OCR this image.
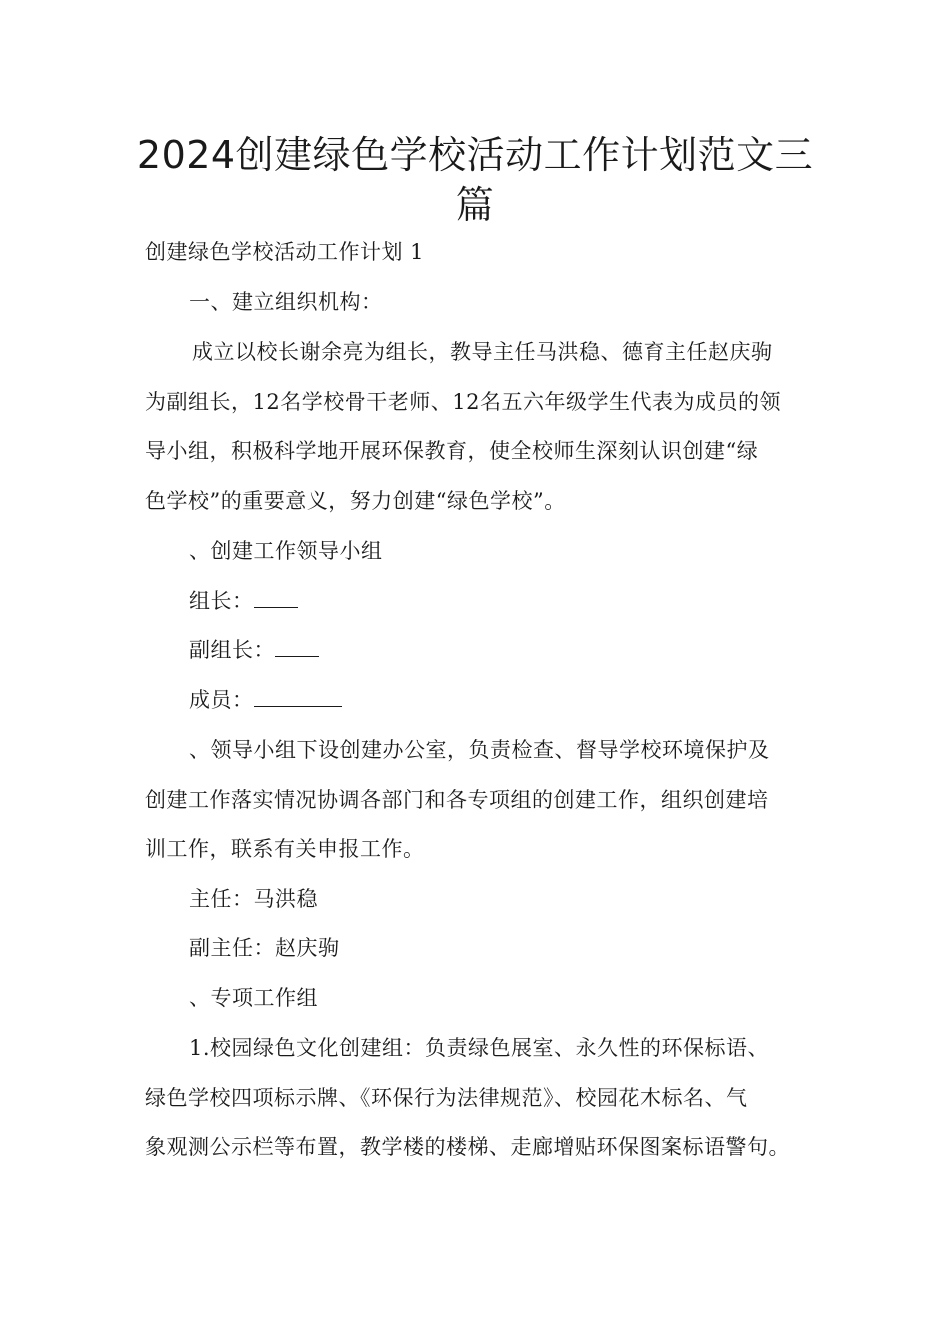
2024创建绿色学校活动工作计划范文三
篇
创建绿色学校活动工作计划 1
一、建立组织机构：
成立以校长谢余亮为组长，教导主任马洪稳、德育主任赵庆驹
为副组长，12名学校骨干老师、12名五六年级学生代表为成员的领
导小组，积极科学地开展环保教育，使全校师生深刻认识创建“绿
色学校”的重要意义，努力创建“绿色学校”。
、创建工作领导小组
组长：
副组长：
成员：
、领导小组下设创建办公室，负责检查、督导学校环境保护及
创建工作落实情况协调各部门和各专项组的创建工作，组织创建培
训工作，联系有关申报工作。
主任：马洪稳
副主任：赵庆驹
、专项工作组
1.校园绿色文化创建组：负责绿色展室、永久性的环保标语、
绿色学校四项标示牌、《环保行为法律规范》、校园花木标名、气
象观测公示栏等布置，教学楼的楼梯、走廊增贴环保图案标语警句。
